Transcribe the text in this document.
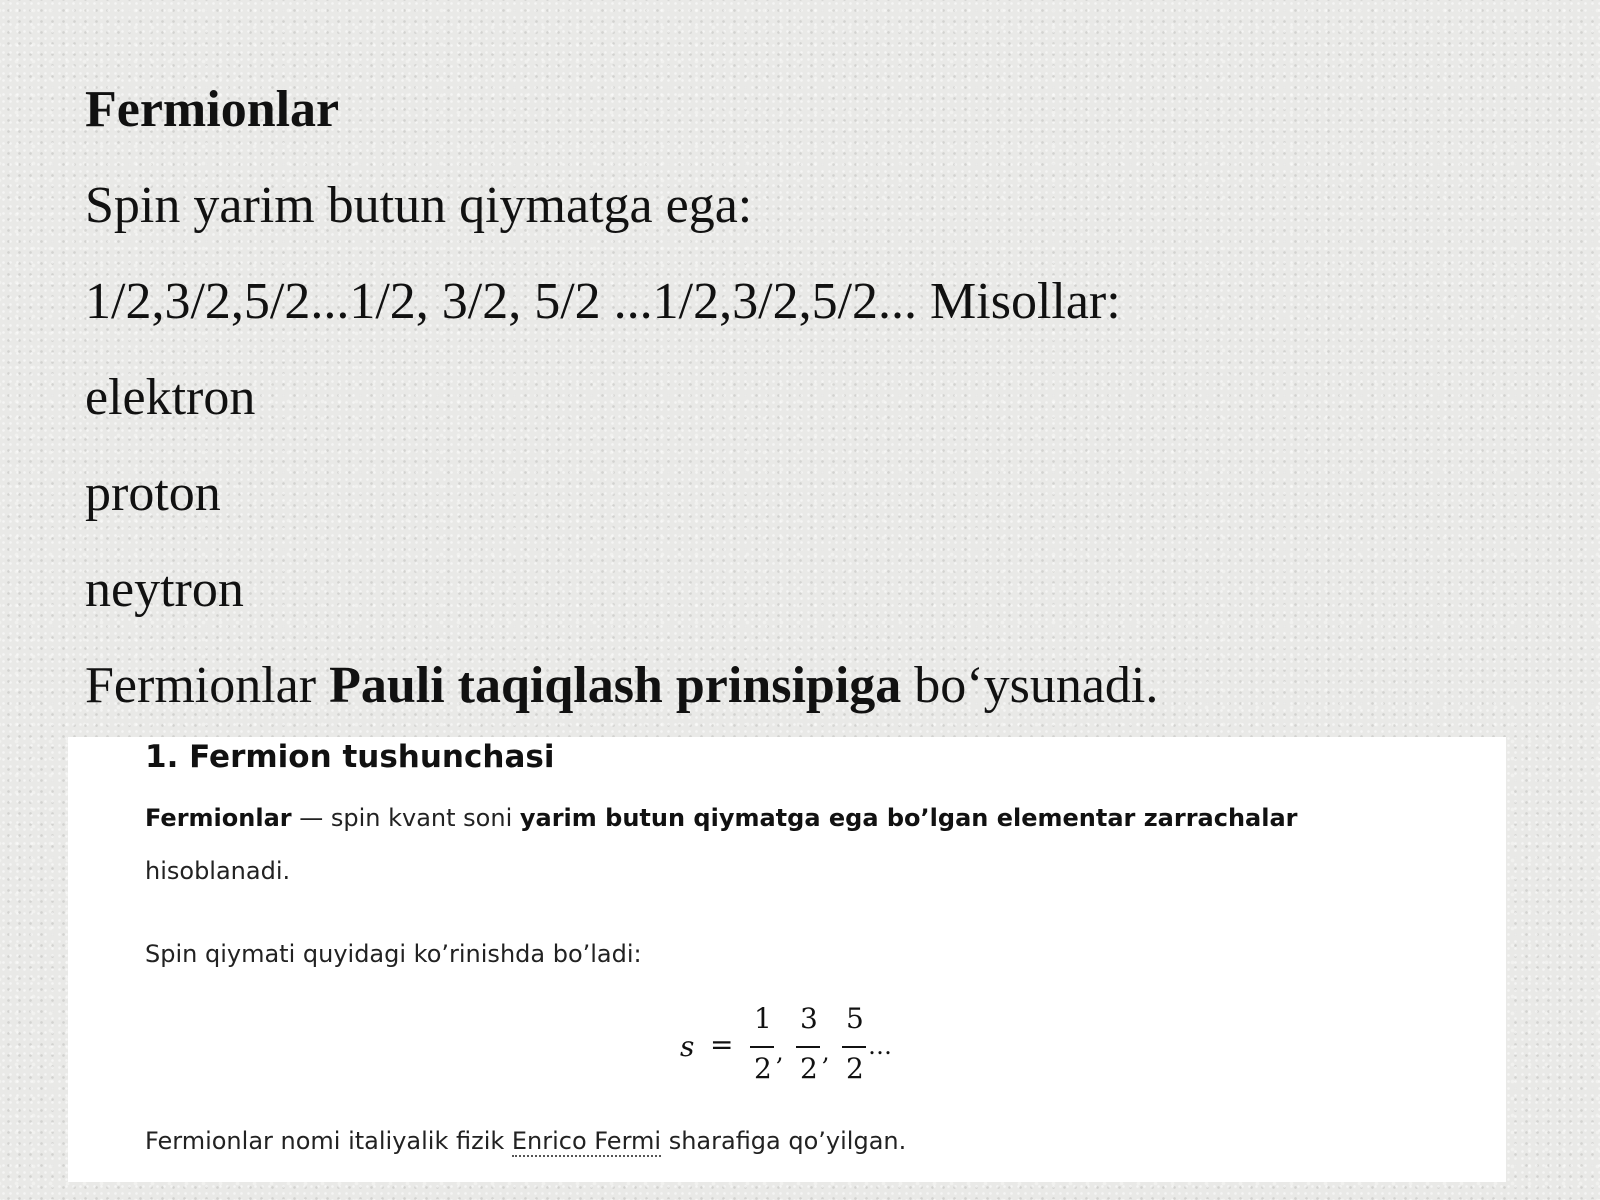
Fermionlar
Spin yarim butun qiymatga ega:
1/2,3/2,5/2...1/2, 3/2, 5/2 ...1/2,3/2,5/2... Misollar:
elektron
proton
neytron
Fermionlar Pauli taqiqlash prinsipiga bo‘ysunadi.
1. Fermion tushunchasi
Fermionlar — spin kvant soni yarim butun qiymatga ega bo’lgan elementar zarrachalar
hisoblanadi.
Spin qiymati quyidagi ko’rinishda bo’ladi:
s =
1
2 ,
3
2 ,
5
2
…
Fermionlar nomi italiyalik fizik Enrico Fermi sharafiga qo’yilgan.
